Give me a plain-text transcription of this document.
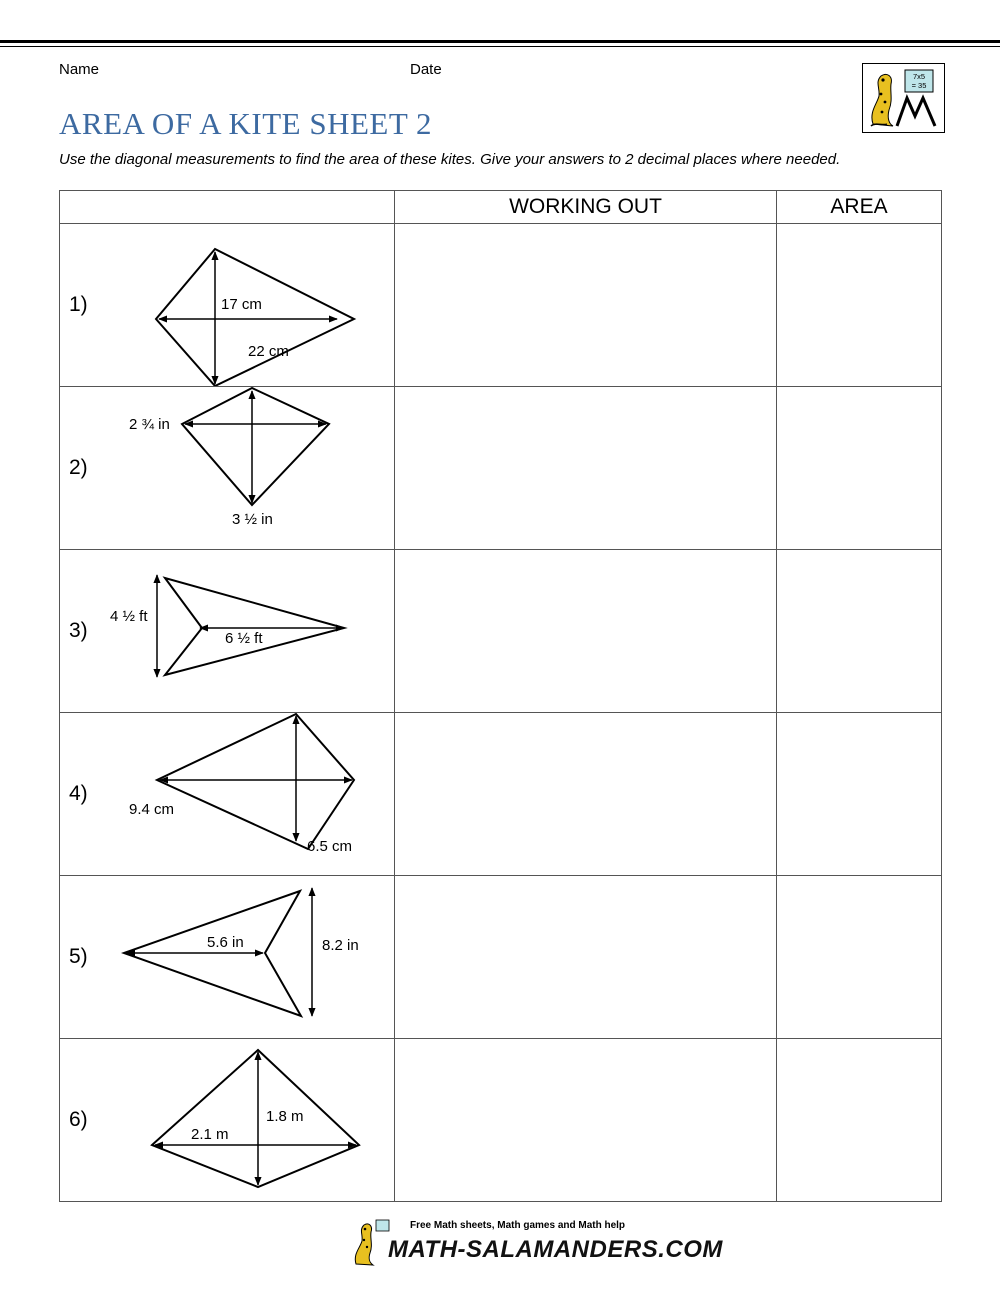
Name	Date	7x5
= 35
AREA OF A KITE SHEET 2
Use the diagonal measurements to find the area of these kites. Give your answers to 2 decimal places where needed.
	WORKING OUT	AREA

1) 17 cm
22 cm		

2)
2 ¾ in
3 ½ in		

3)
4 ½ ft
6 ½ ft		

4)
9.4 cm
6.5 cm		

5)
5.6 in 8.2 in		

6)
2.1 m
1.8 m		

Free Math sheets, Math games and Math help
MATH-SALAMANDERS.COM
